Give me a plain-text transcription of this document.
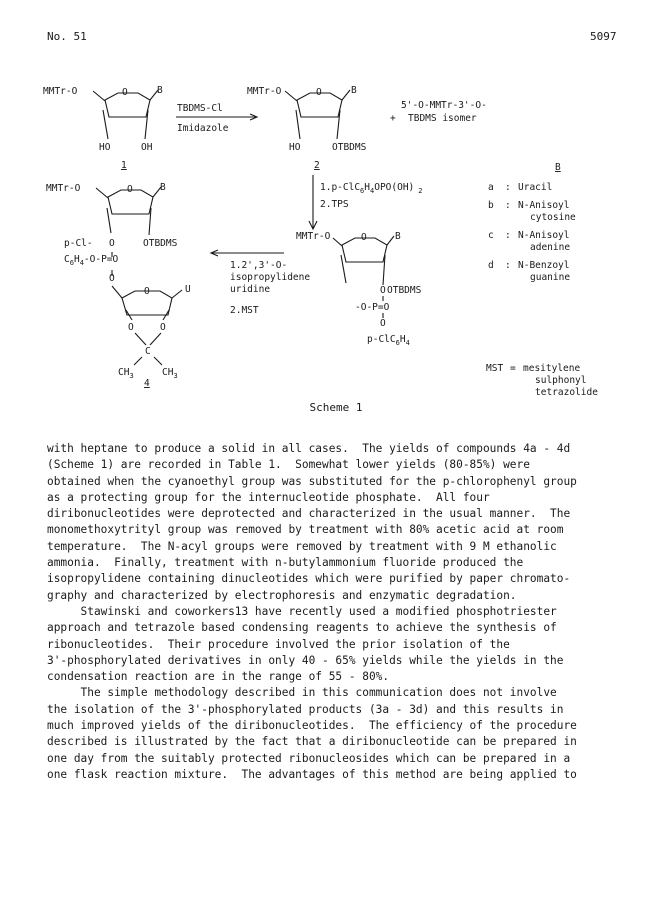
No. 51	5097
MMTr-O	O	B
HO	OH
1
TBDMS-Cl
Imidazole
MMTr-O	O	B
HO	OTBDMS
2
5'-O-MMTr-3'-O-
+ TBDMS isomer
$1.p-ClC_6H_4OPO(OH)$ $_2$
2.TPS
MMTr-O	O	B
O OTBDMS
-O-P=O
O
$p-ClC_6H_4$
1.2',3'-O-
isopropylidene
uridine
2.MST
MMTr-O	O	B
p-Cl- O	OTBDMS
$C_6H_4-O-P=O$
O
O	U
O	O
C
$CH_3$	$CH_3$
4
B
a : Uracil
b : N-Anisoyl
cytosine
c : N-Anisoyl
adenine
d : N-Benzoyl
guanine
MST = mesitylene
sulphonyl
tetrazolide
Scheme 1
with heptane to produce a solid in all cases.  The yields of compounds 4a - 4d
(Scheme 1) are recorded in Table 1.  Somewhat lower yields (80-85%) were
obtained when the cyanoethyl group was substituted for the p-chlorophenyl group
as a protecting group for the internucleotide phosphate.  All four
diribonucleotides were deprotected and characterized in the usual manner.  The
monomethoxytrityl group was removed by treatment with 80% acetic acid at room
temperature.  The N-acyl groups were removed by treatment with 9 M ethanolic
ammonia.  Finally, treatment with n-butylammonium fluoride produced the
isopropylidene containing dinucleotides which were purified by paper chromato-
graphy and characterized by electrophoresis and enzymatic degradation.
Stawinski and coworkers13 have recently used a modified phosphotriester
approach and tetrazole based condensing reagents to achieve the synthesis of
ribonucleotides.  Their procedure involved the prior isolation of the
3'-phosphorylated derivatives in only 40 - 65% yields while the yields in the
condensation reaction are in the range of 55 - 80%.
The simple methodology described in this communication does not involve
the isolation of the 3'-phosphorylated products (3a - 3d) and this results in
much improved yields of the diribonucleotides.  The efficiency of the procedure
described is illustrated by the fact that a diribonucleotide can be prepared in
one day from the suitably protected ribonucleosides which can be prepared in a
one flask reaction mixture.  The advantages of this method are being applied to
